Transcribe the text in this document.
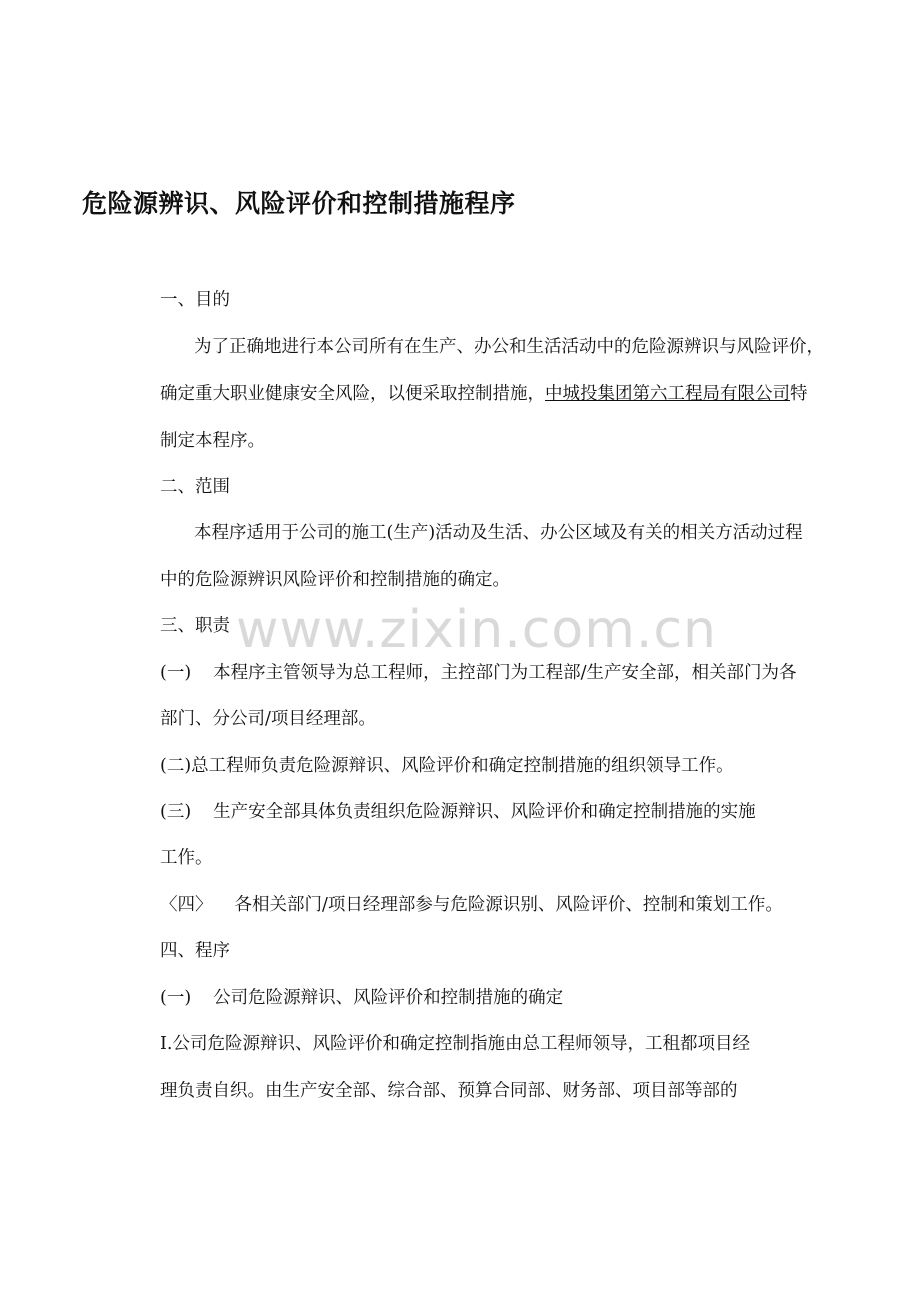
危险源辨识、风险评价和控制措施程序
www.zixin.com.cn
一、目的
为了正确地进行本公司所有在生产、办公和生活活动中的危险源辨识与风险评价，
确定重大职业健康安全风险，以便采取控制措施，中城投集团第六工程局有限公司特
制定本程序。
二、范围
本程序适用于公司的施工(生产)活动及生活、办公区域及有关的相关方活动过程
中的危险源辨识风险评价和控制措施的确定。
三、职责
(一) 本程序主管领导为总工程师，主控部门为工程部/生产安全部，相关部门为各
部门、分公司/项目经理部。
(二)总工程师负责危险源辩识、风险评价和确定控制措施的组织领导工作。
(三) 生产安全部具体负责组织危险源辩识、风险评价和确定控制措施的实施
工作。
〈四〉 各相关部门/项日经理部参与危险源识别、风险评价、控制和策划工作。
四、程序
(一) 公司危险源辩识、风险评价和控制措施的确定
I.公司危险源辩识、风险评价和确定控制指施由总工程师领导，工租都项目经
理负责自织。由生产安全部、综合部、预算合同部、财务部、项目部等部的
